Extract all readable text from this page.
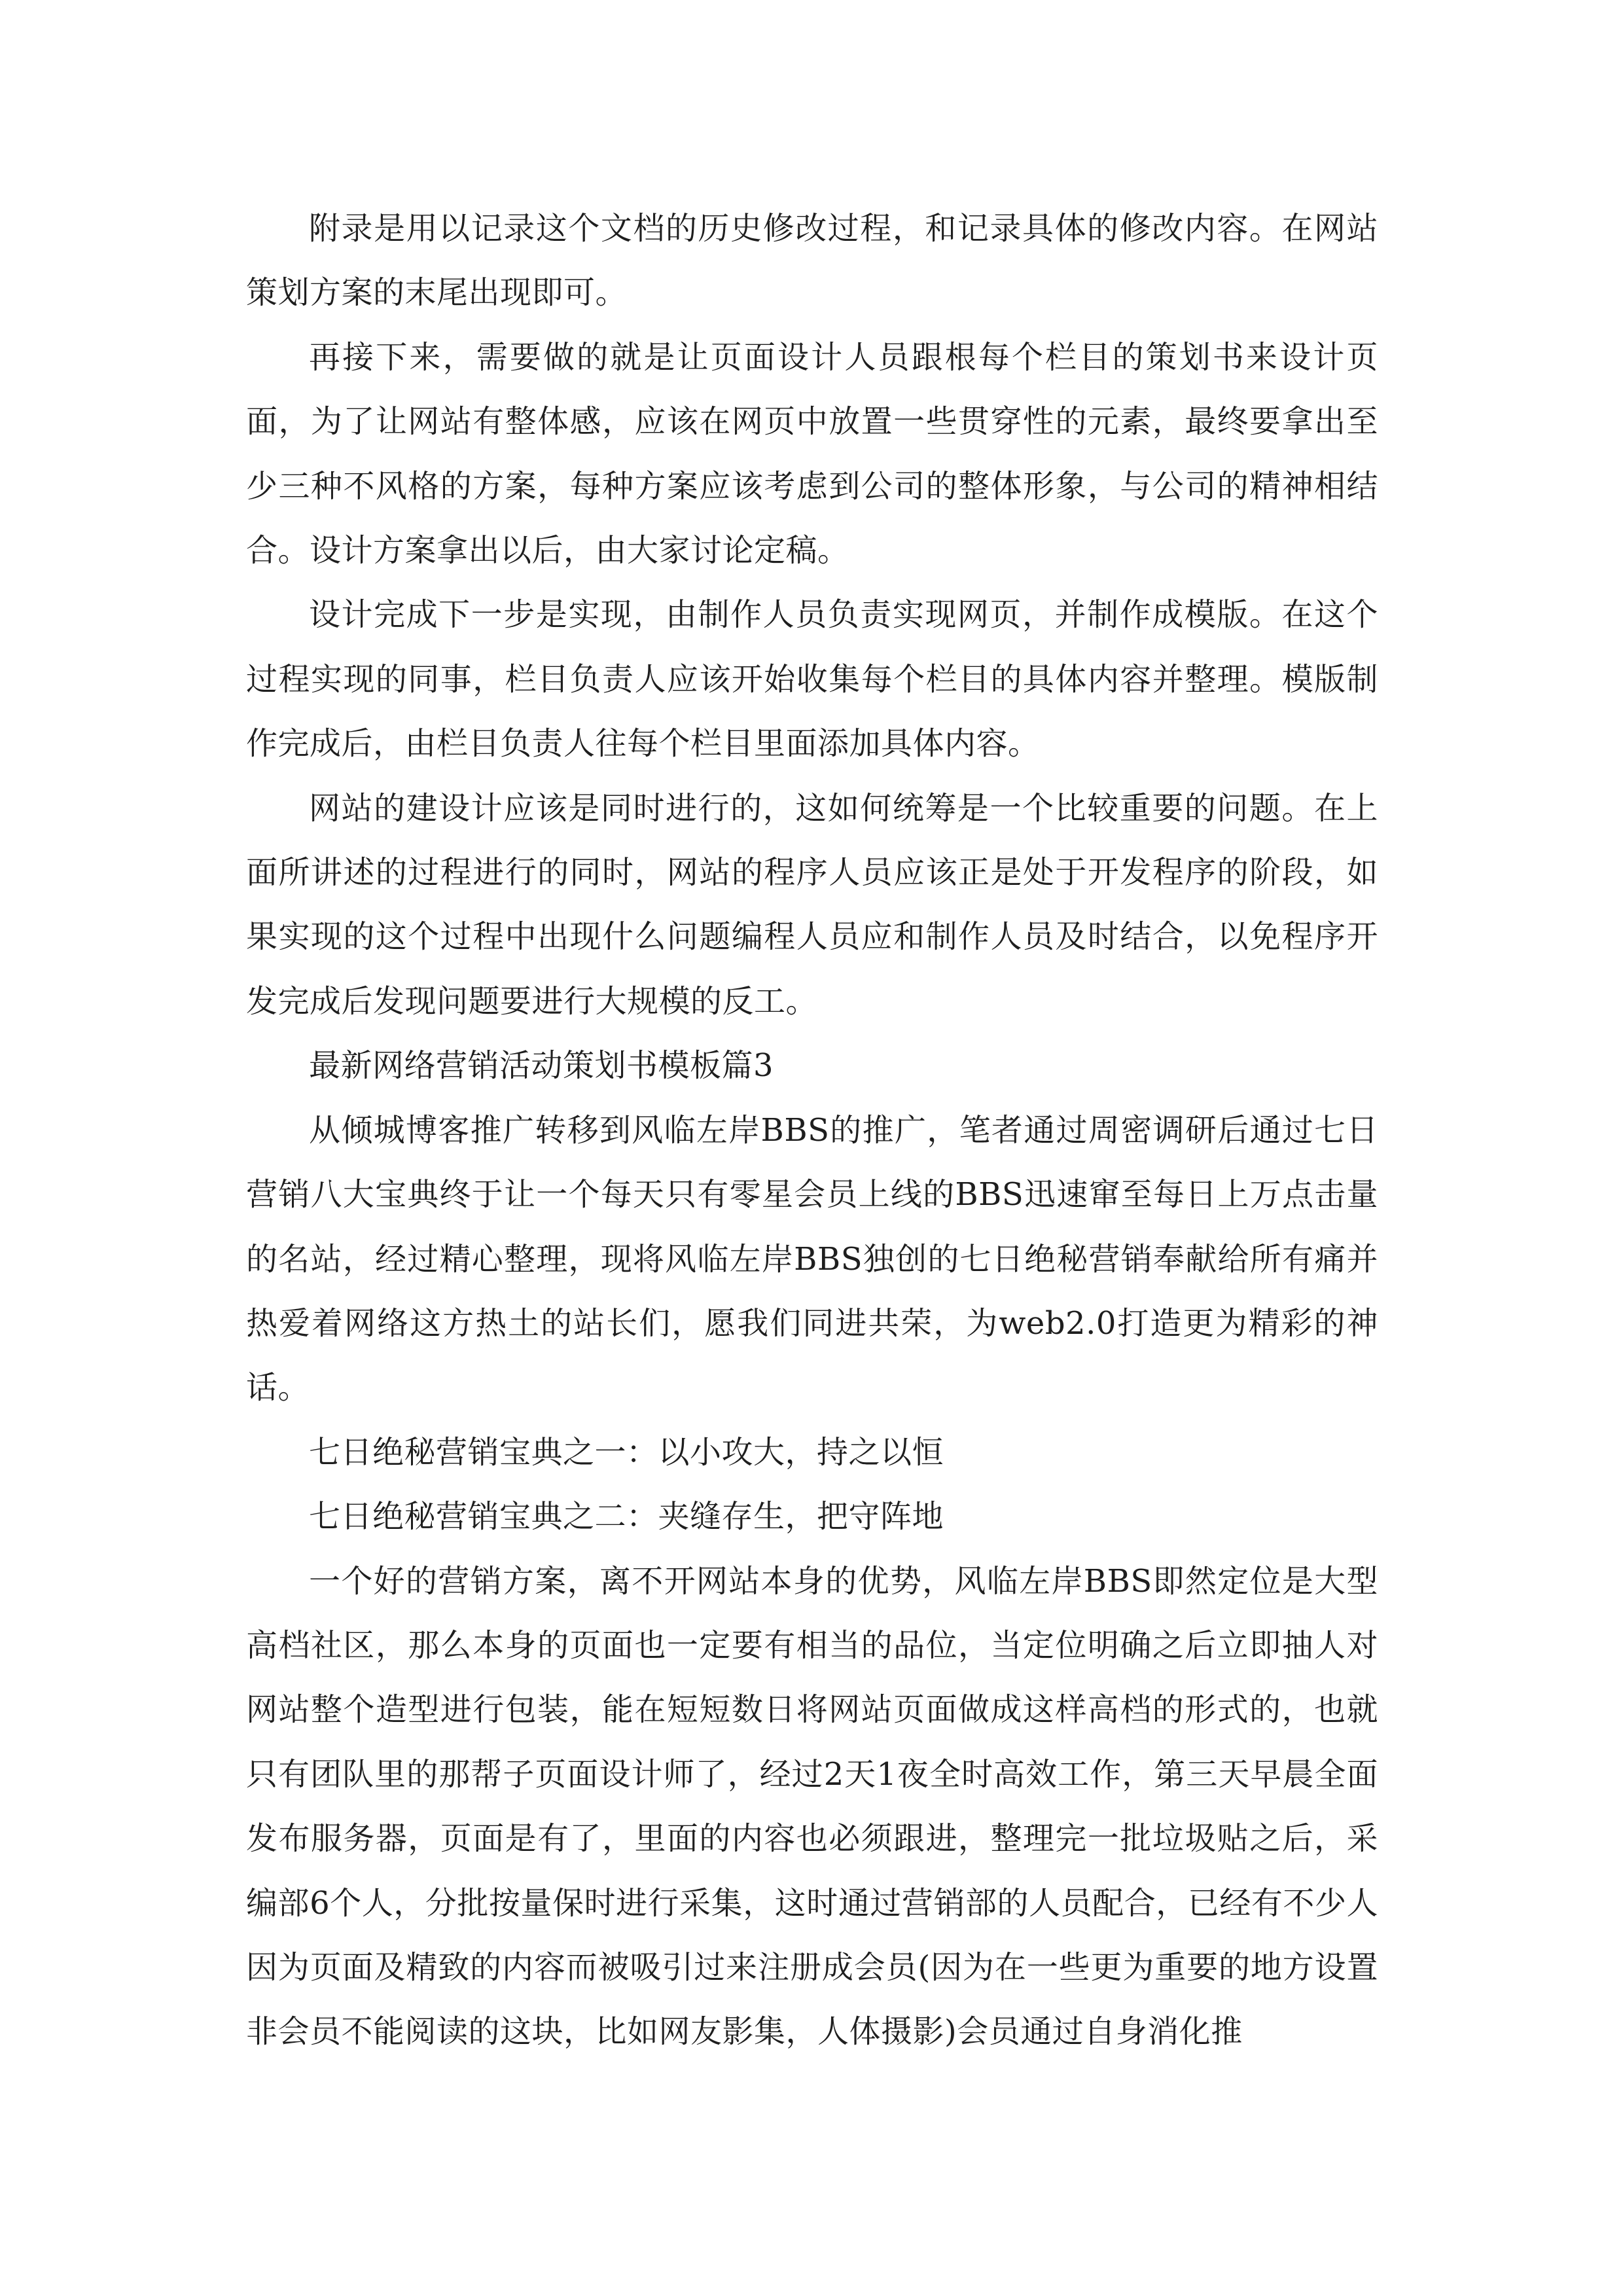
附录是用以记录这个文档的历史修改过程，和记录具体的修改内容。在网站策划方案的末尾出现即可。

再接下来，需要做的就是让页面设计人员跟根每个栏目的策划书来设计页面，为了让网站有整体感，应该在网页中放置一些贯穿性的元素，最终要拿出至少三种不风格的方案，每种方案应该考虑到公司的整体形象，与公司的精神相结合。设计方案拿出以后，由大家讨论定稿。

设计完成下一步是实现，由制作人员负责实现网页，并制作成模版。在这个过程实现的同事，栏目负责人应该开始收集每个栏目的具体内容并整理。模版制作完成后，由栏目负责人往每个栏目里面添加具体内容。

网站的建设计应该是同时进行的，这如何统筹是一个比较重要的问题。在上面所讲述的过程进行的同时，网站的程序人员应该正是处于开发程序的阶段，如果实现的这个过程中出现什么问题编程人员应和制作人员及时结合，以免程序开发完成后发现问题要进行大规模的反工。

最新网络营销活动策划书模板篇3

从倾城博客推广转移到风临左岸BBS的推广，笔者通过周密调研后通过七日营销八大宝典终于让一个每天只有零星会员上线的BBS迅速窜至每日上万点击量的名站，经过精心整理，现将风临左岸BBS独创的七日绝秘营销奉献给所有痛并热爱着网络这方热土的站长们，愿我们同进共荣，为web2.0打造更为精彩的神话。

七日绝秘营销宝典之一：以小攻大，持之以恒

七日绝秘营销宝典之二：夹缝存生，把守阵地

一个好的营销方案，离不开网站本身的优势，风临左岸BBS即然定位是大型高档社区，那么本身的页面也一定要有相当的品位，当定位明确之后立即抽人对网站整个造型进行包装，能在短短数日将网站页面做成这样高档的形式的，也就只有团队里的那帮子页面设计师了，经过2天1夜全时高效工作，第三天早晨全面发布服务器，页面是有了，里面的内容也必须跟进，整理完一批垃圾贴之后，采编部6个人，分批按量保时进行采集，这时通过营销部的人员配合，已经有不少人因为页面及精致的内容而被吸引过来注册成会员(因为在一些更为重要的地方设置非会员不能阅读的这块，比如网友影集，人体摄影)会员通过自身消化推
